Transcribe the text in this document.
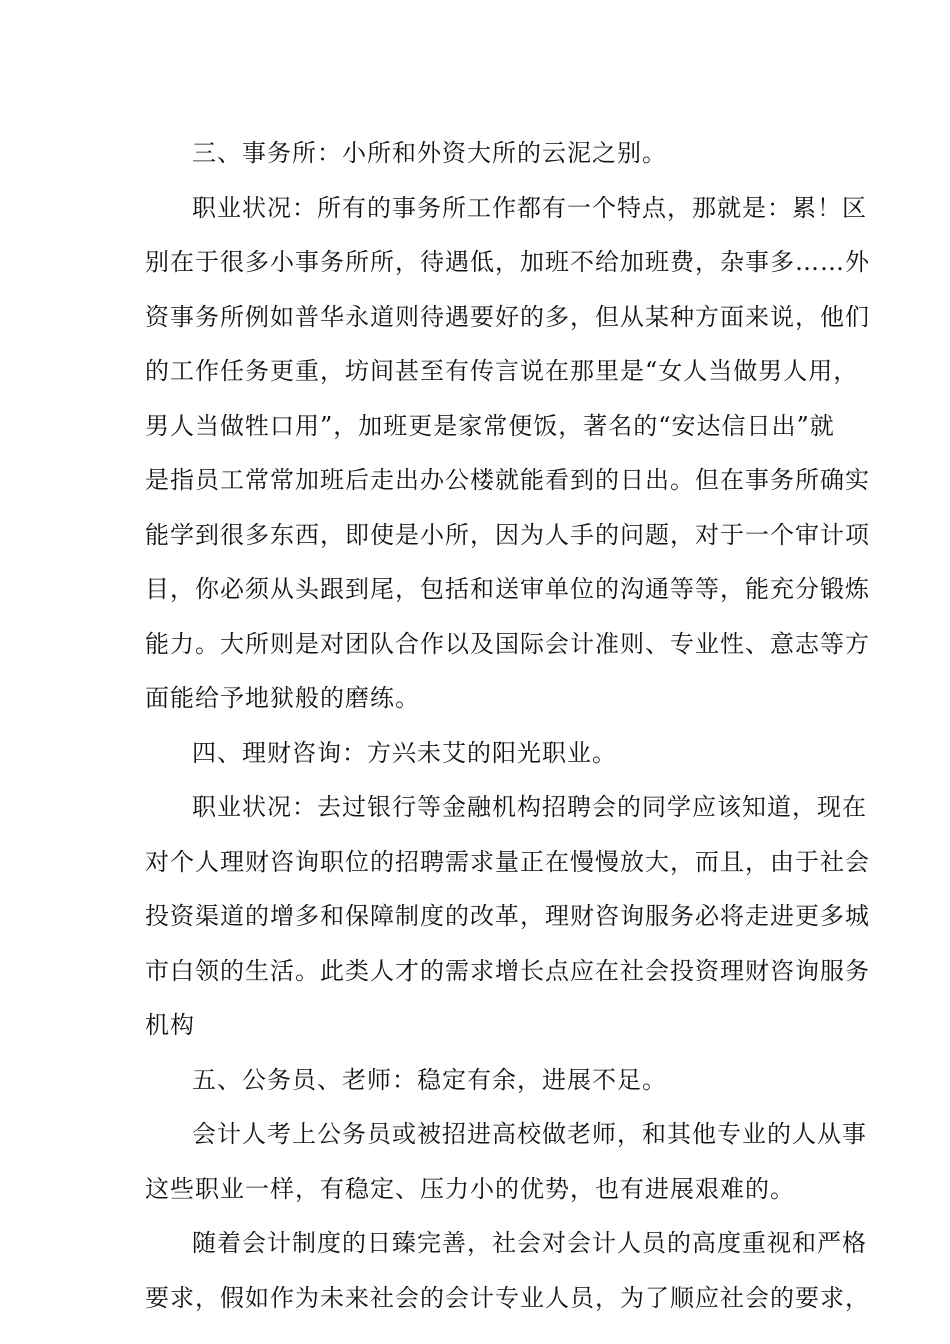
三、事务所：小所和外资大所的云泥之别。

职业状况：所有的事务所工作都有一个特点，那就是：累！区
别在于很多小事务所所，待遇低，加班不给加班费，杂事多……外
资事务所例如普华永道则待遇要好的多，但从某种方面来说，他们
的工作任务更重，坊间甚至有传言说在那里是“女人当做男人用，
男人当做牲口用”，加班更是家常便饭，著名的“安达信日出”就
是指员工常常加班后走出办公楼就能看到的日出。但在事务所确实
能学到很多东西，即使是小所，因为人手的问题，对于一个审计项
目，你必须从头跟到尾，包括和送审单位的沟通等等，能充分锻炼
能力。大所则是对团队合作以及国际会计准则、专业性、意志等方
面能给予地狱般的磨练。

四、理财咨询：方兴未艾的阳光职业。

职业状况：去过银行等金融机构招聘会的同学应该知道，现在
对个人理财咨询职位的招聘需求量正在慢慢放大，而且，由于社会
投资渠道的增多和保障制度的改革，理财咨询服务必将走进更多城
市白领的生活。此类人才的需求增长点应在社会投资理财咨询服务
机构

五、公务员、老师：稳定有余，进展不足。

会计人考上公务员或被招进高校做老师，和其他专业的人从事
这些职业一样，有稳定、压力小的优势，也有进展艰难的。

随着会计制度的日臻完善，社会对会计人员的高度重视和严格
要求，假如作为未来社会的会计专业人员，为了顺应社会的要求，
